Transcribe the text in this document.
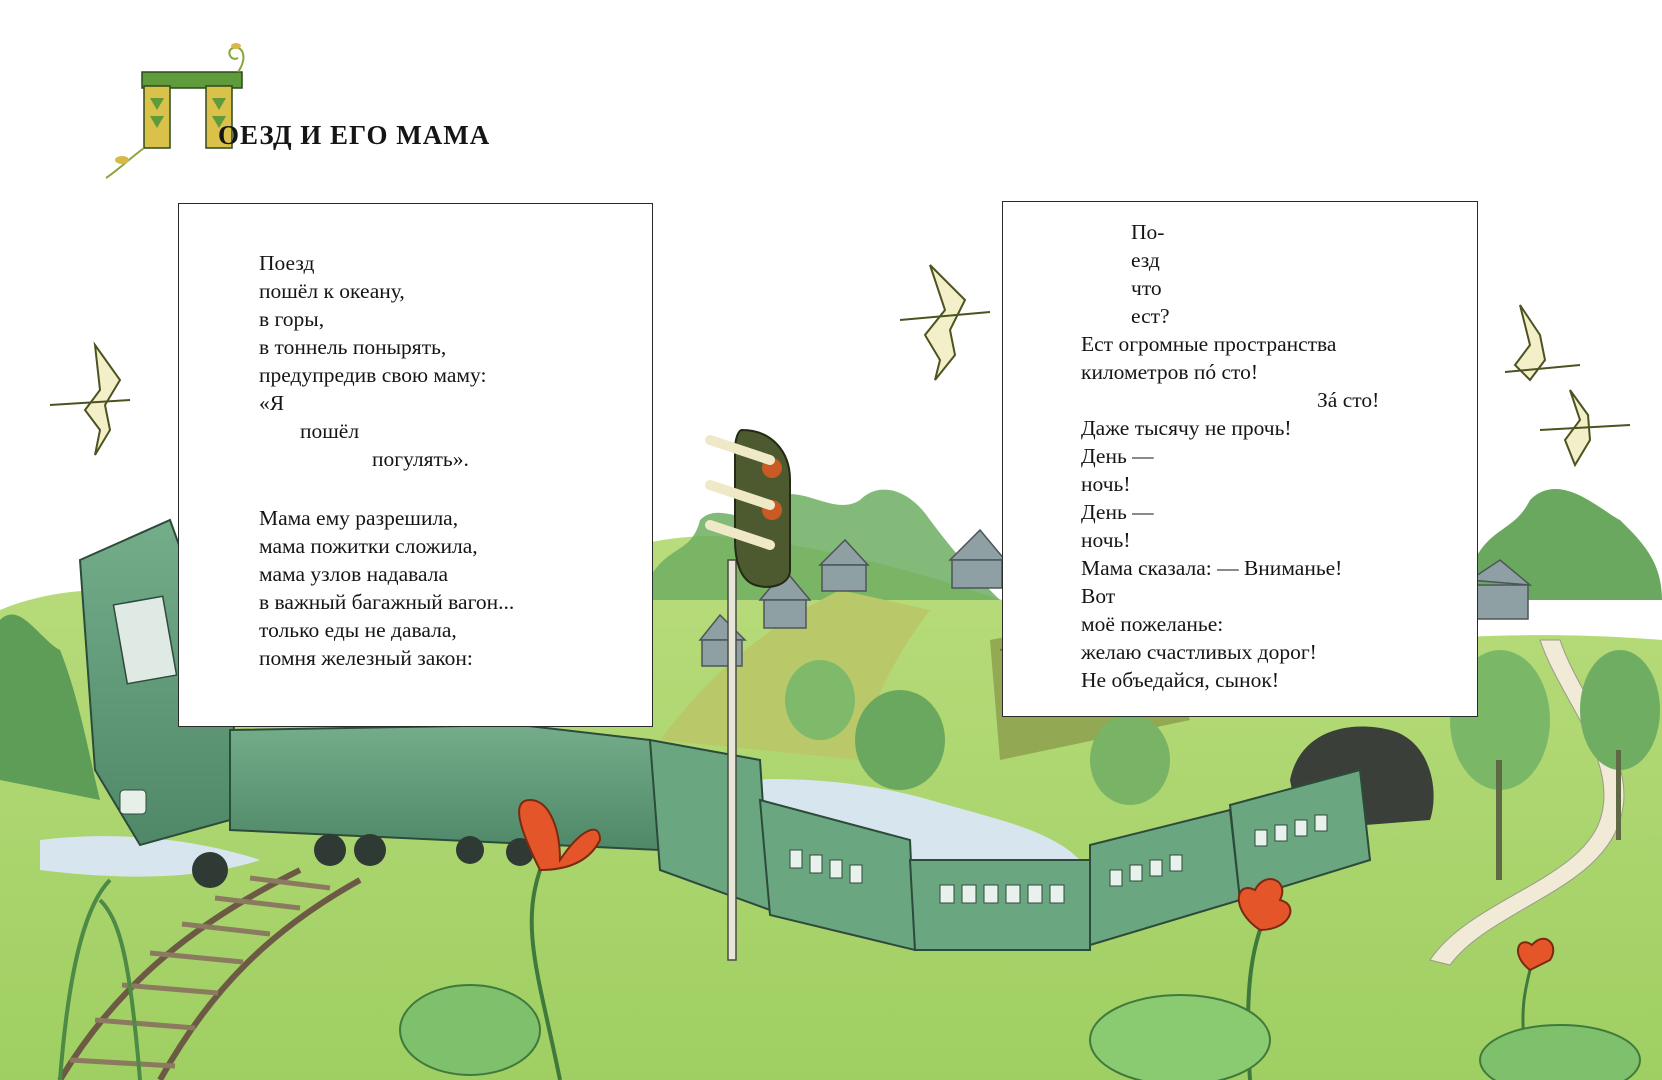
ОЕЗД И ЕГО МАМА
Поезд
пошёл к океану,
в горы,
в тоннель понырять,
предупредив свою маму:
«Я
пошёл
погулять».
Мама ему разрешила,
мама пожитки сложила,
мама узлов надавала
в важный багажный вагон...
только еды не давала,
помня железный закон:
По-
езд
что
ест?
Ест огромные пространства
километров пó сто!
Зá сто!
Даже тысячу не прочь!
День —
ночь!
День —
ночь!
Мама сказала: — Вниманье!
Вот
моё пожеланье:
желаю счастливых дорог!
Не объедайся, сынок!
